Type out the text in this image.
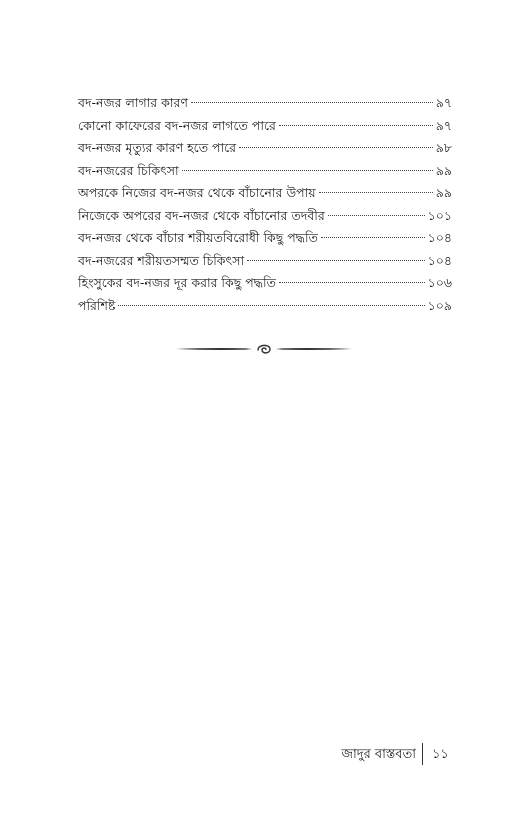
বদ-নজর লাগার কারণ	৯৭
কোনো কাফেরের বদ-নজর লাগতে পারে	৯৭
বদ-নজর মৃত্যুর কারণ হতে পারে	৯৮
বদ-নজরের চিকিৎসা	৯৯
অপরকে নিজের বদ-নজর থেকে বাঁচানোর উপায়	৯৯
নিজেকে অপরের বদ-নজর থেকে বাঁচানোর তদবীর	১০১
বদ-নজর থেকে বাঁচার শরীয়তবিরোধী কিছু পদ্ধতি	১০৪
বদ-নজরের শরীয়তসম্মত চিকিৎসা	১০৪
হিংসুকের বদ-নজর দূর করার কিছু পদ্ধতি	১০৬
পরিশিষ্ট	১০৯
জাদুর বাস্তবতা ১১
